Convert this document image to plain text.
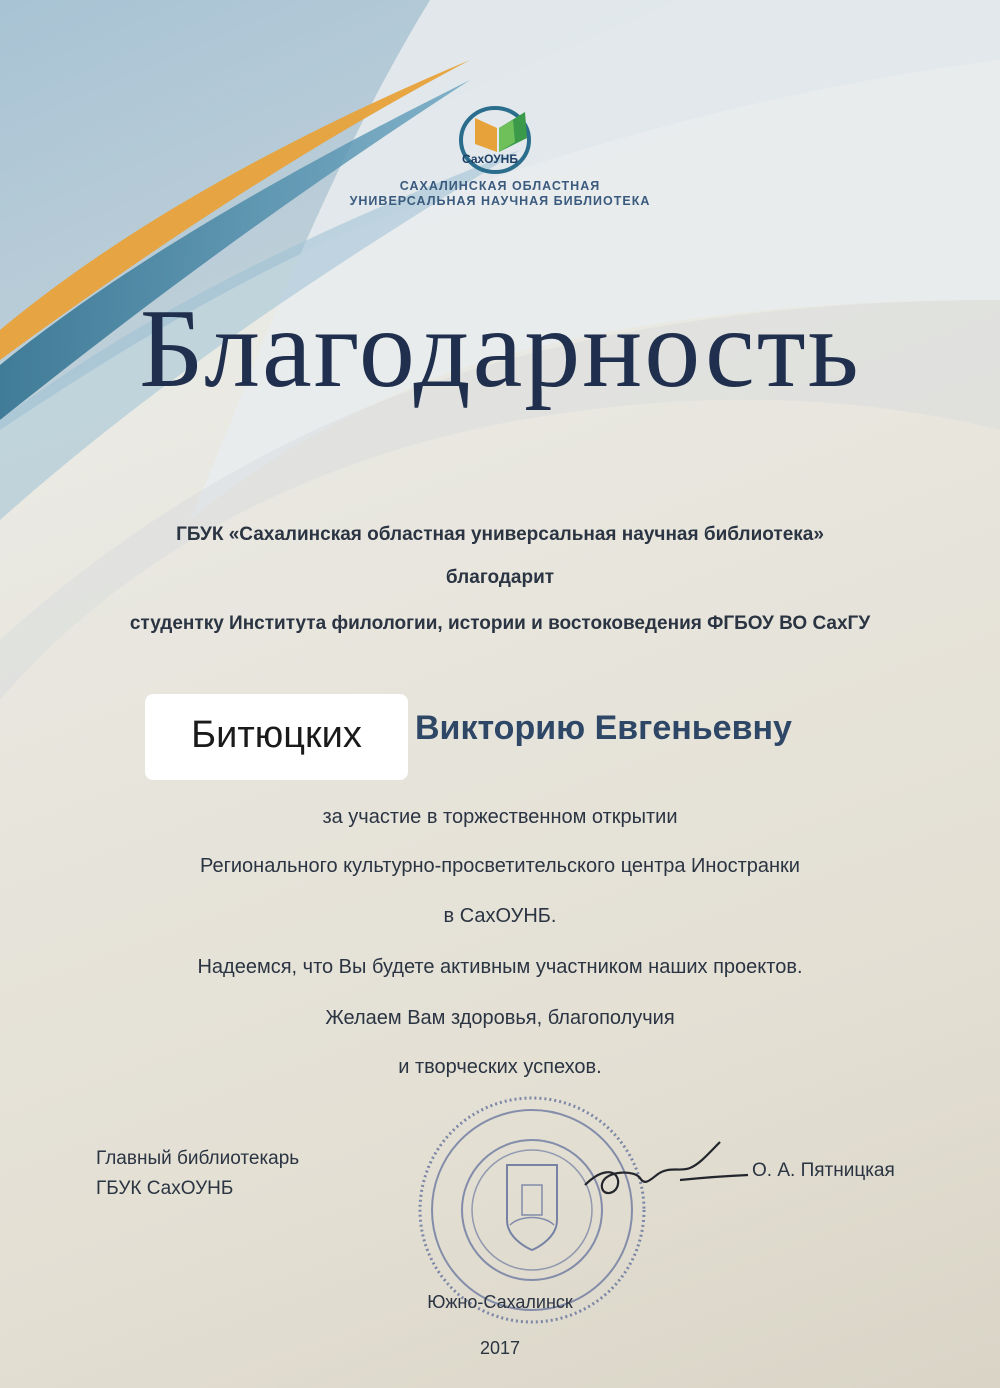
СахОУНБ
САХАЛИНСКАЯ ОБЛАСТНАЯ
УНИВЕРСАЛЬНАЯ НАУЧНАЯ БИБЛИОТЕКА
Благодарность
ГБУК «Сахалинская областная универсальная научная библиотека»
благодарит
студентку Института филологии, истории и востоковедения ФГБОУ ВО СахГУ
Битюцких	Викторию Евгеньевну
за участие в торжественном открытии
Регионального культурно-просветительского центра Иностранки
в СахОУНБ.
Надеемся, что Вы будете активным участником наших проектов.
Желаем Вам здоровья, благополучия
и творческих успехов.
Главный библиотекарь
ГБУК СахОУНБ
О. А. Пятницкая
Южно-Сахалинск
2017
